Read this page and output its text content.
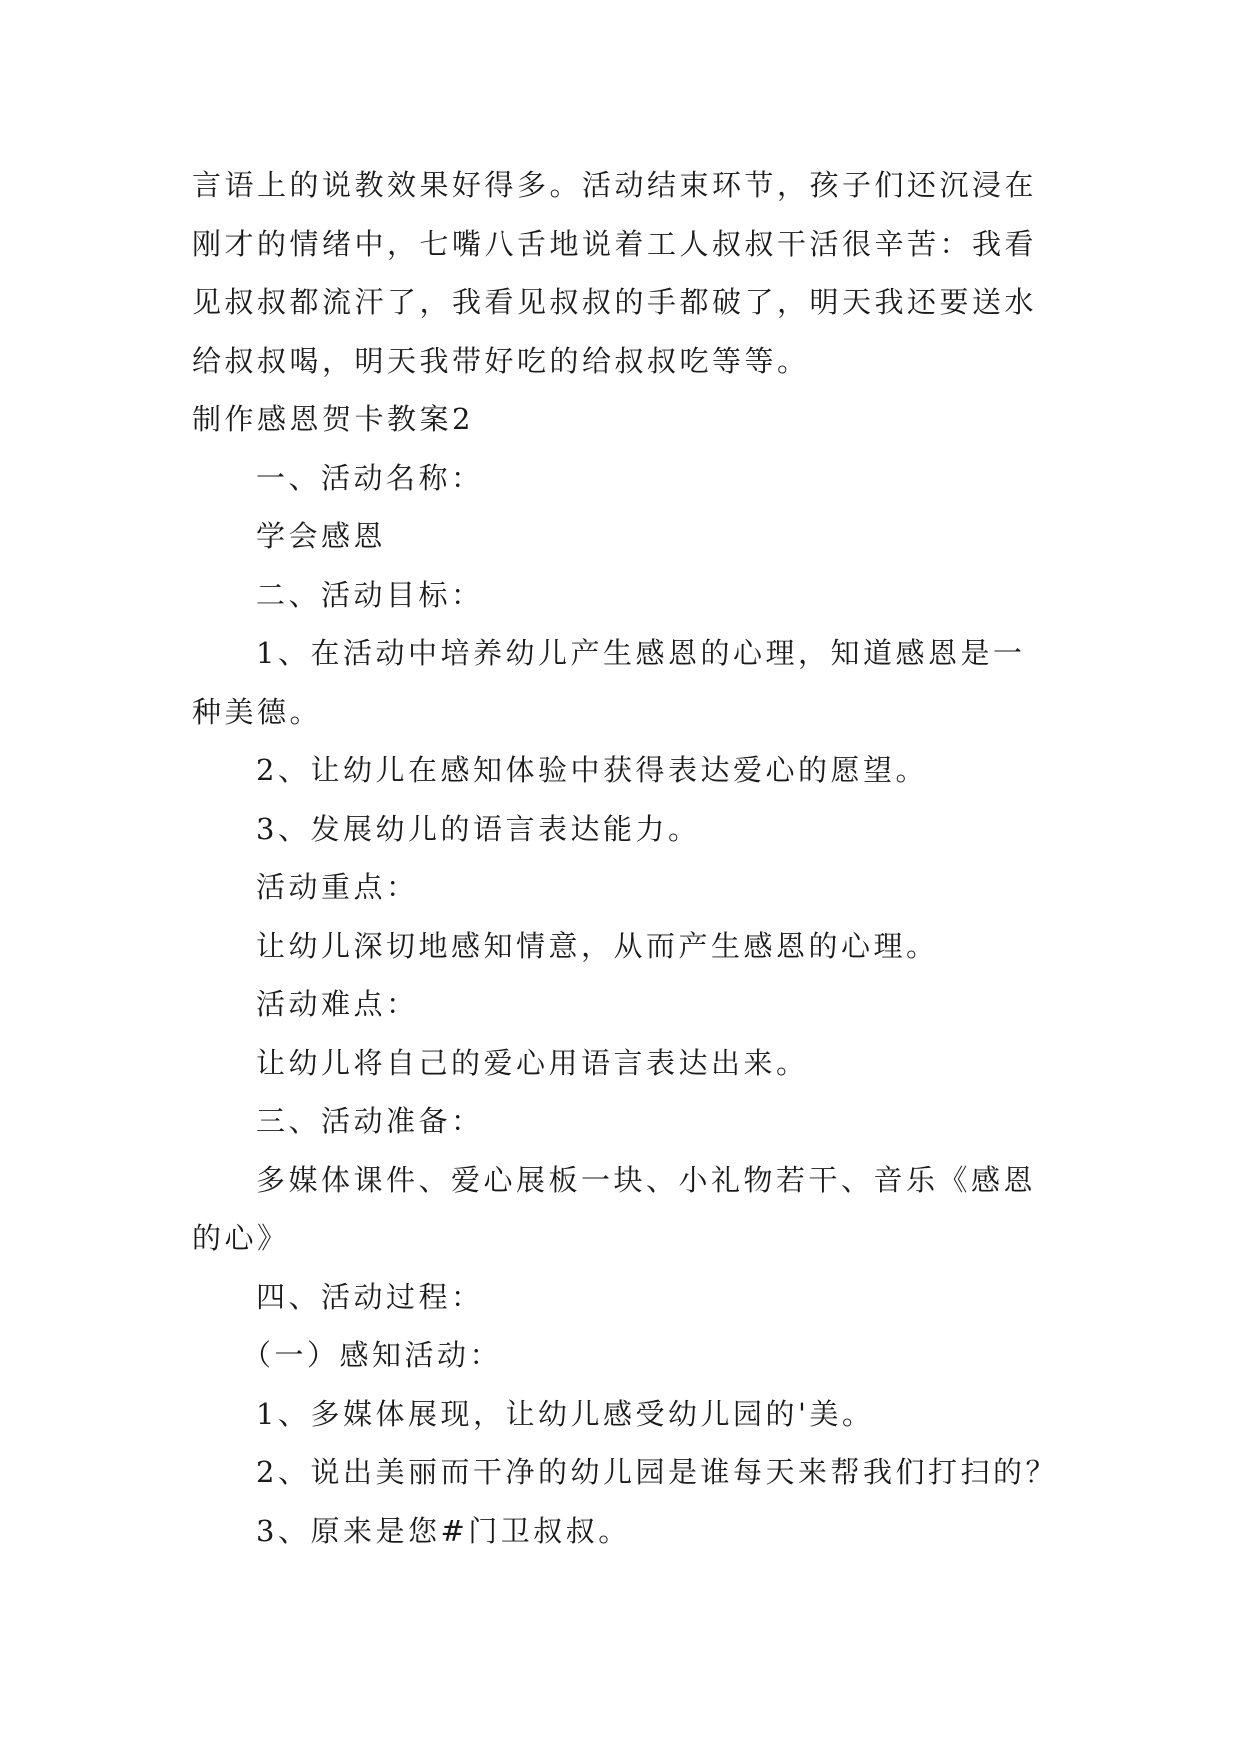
言语上的说教效果好得多。活动结束环节，孩子们还沉浸在
刚才的情绪中，七嘴八舌地说着工人叔叔干活很辛苦：我看
见叔叔都流汗了，我看见叔叔的手都破了，明天我还要送水
给叔叔喝，明天我带好吃的给叔叔吃等等。
制作感恩贺卡教案2
一、活动名称：
学会感恩
二、活动目标：
1、在活动中培养幼儿产生感恩的心理，知道感恩是一
种美德。
2、让幼儿在感知体验中获得表达爱心的愿望。
3、发展幼儿的语言表达能力。
活动重点：
让幼儿深切地感知情意，从而产生感恩的心理。
活动难点：
让幼儿将自己的爱心用语言表达出来。
三、活动准备：
多媒体课件、爱心展板一块、小礼物若干、音乐《感恩
的心》
四、活动过程：
（一）感知活动：
1、多媒体展现，让幼儿感受幼儿园的'美。
2、说出美丽而干净的幼儿园是谁每天来帮我们打扫的？
3、原来是您#门卫叔叔。
